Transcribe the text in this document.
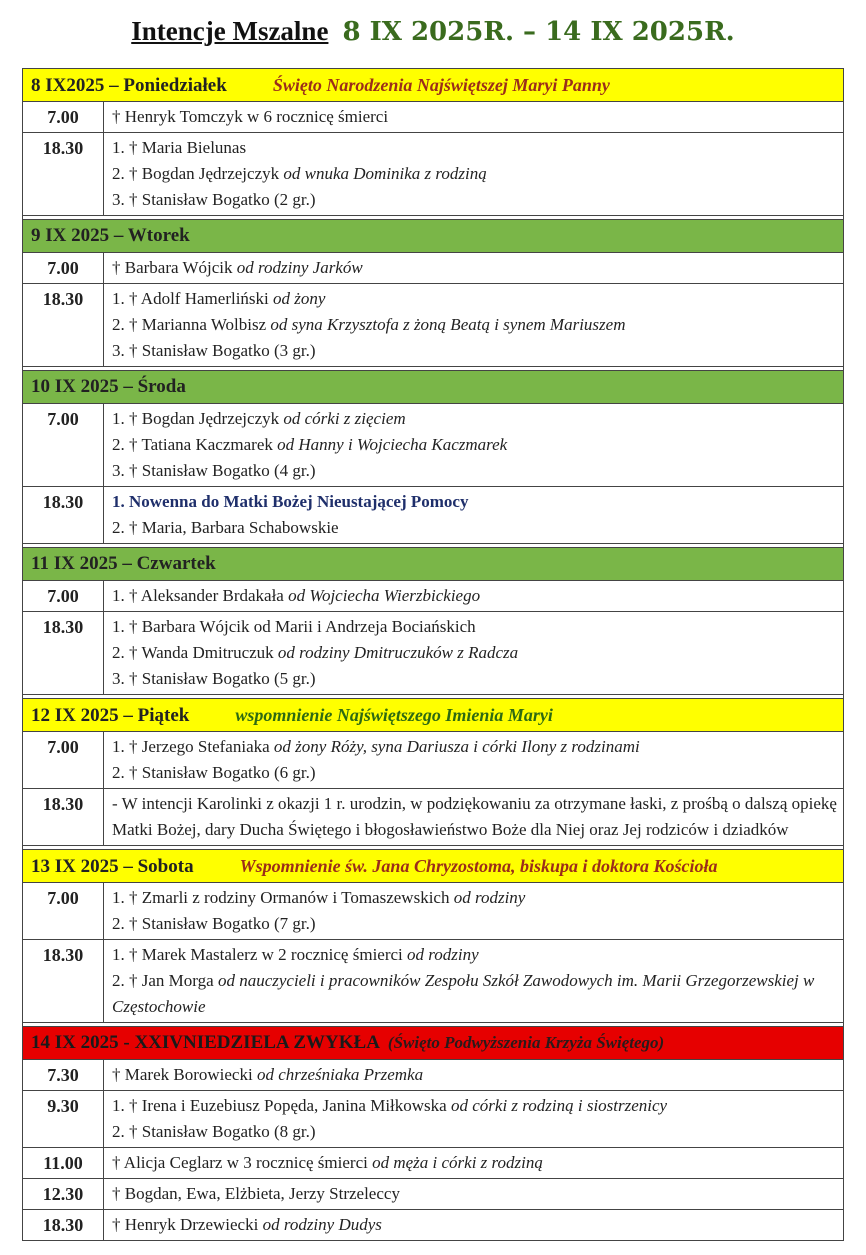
Intencje Mszalne 8 IX 2025R. – 14 IX 2025R.
8 IX2025 – Poniedziałek	Święto Narodzenia Najświętszej Maryi Panny
7.00	† Henryk Tomczyk w 6 rocznicę śmierci
18.30	1. † Maria Bielunas
2. † Bogdan Jędrzejczyk od wnuka Dominika z rodziną
3. † Stanisław Bogatko (2 gr.)
9 IX 2025 – Wtorek
7.00	† Barbara Wójcik od rodziny Jarków
18.30	1. † Adolf Hamerliński od żony
2. † Marianna Wolbisz od syna Krzysztofa z żoną Beatą i synem Mariuszem
3. † Stanisław Bogatko (3 gr.)
10 IX 2025 – Środa
7.00	1. † Bogdan Jędrzejczyk od córki z zięciem
2. † Tatiana Kaczmarek od Hanny i Wojciecha Kaczmarek
3. † Stanisław Bogatko (4 gr.)
18.30	1. Nowenna do Matki Bożej Nieustającej Pomocy
2. † Maria, Barbara Schabowskie
11 IX 2025 – Czwartek
7.00	1. † Aleksander Brdakała od Wojciecha Wierzbickiego
18.30	1. † Barbara Wójcik od Marii i Andrzeja Bociańskich
2. † Wanda Dmitruczuk od rodziny Dmitruczuków z Radcza
3. † Stanisław Bogatko (5 gr.)
12 IX 2025 – Piątek	wspomnienie Najświętszego Imienia Maryi
7.00	1. † Jerzego Stefaniaka od żony Róży, syna Dariusza i córki Ilony z rodzinami
2. † Stanisław Bogatko (6 gr.)
18.30	- W intencji Karolinki z okazji 1 r. urodzin, w podziękowaniu za otrzymane łaski, z prośbą o dalszą opiekę Matki Bożej, dary Ducha Świętego i błogosławieństwo Boże dla Niej oraz Jej rodziców i dziadków
13 IX 2025 – Sobota	Wspomnienie św. Jana Chryzostoma, biskupa i doktora Kościoła
7.00	1. † Zmarli z rodziny Ormanów i Tomaszewskich od rodziny
2. † Stanisław Bogatko (7 gr.)
18.30	1. † Marek Mastalerz w 2 rocznicę śmierci od rodziny
2. † Jan Morga od nauczycieli i pracowników Zespołu Szkół Zawodowych im. Marii Grzegorzewskiej w Częstochowie
14 IX 2025 - XXIVNIEDZIELA ZWYKŁA (Święto Podwyższenia Krzyża Świętego)
7.30	† Marek Borowiecki od chrześniaka Przemka
9.30	1. † Irena i Euzebiusz Popęda, Janina Miłkowska od córki z rodziną i siostrzenicy
2. † Stanisław Bogatko (8 gr.)
11.00	† Alicja Ceglarz w 3 rocznicę śmierci od męża i córki z rodziną
12.30	† Bogdan, Ewa, Elżbieta, Jerzy Strzeleccy
18.30	† Henryk Drzewiecki od rodziny Dudys
